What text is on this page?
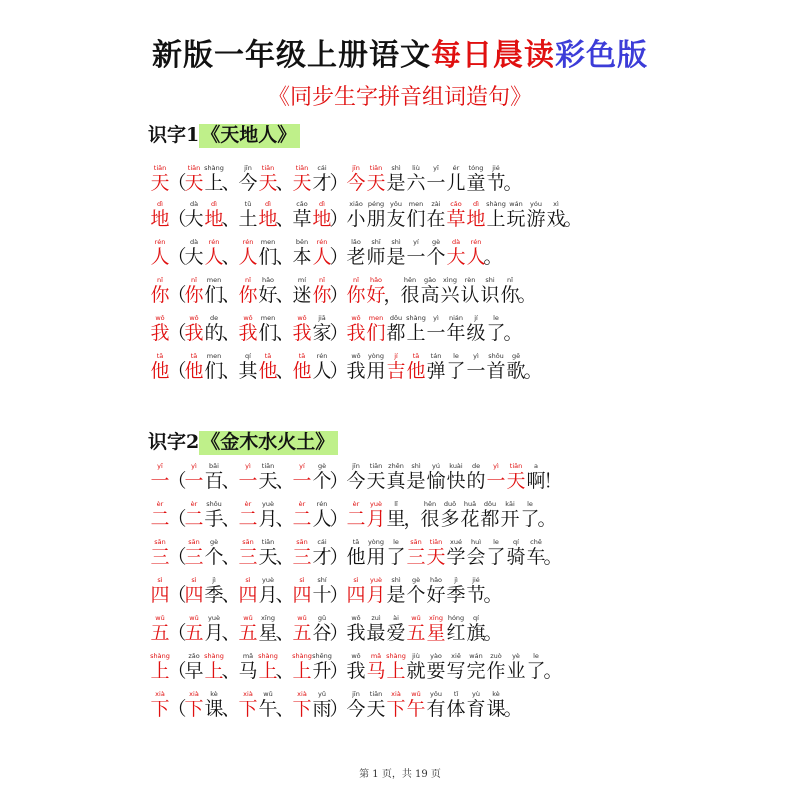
新版一年级上册语文每日晨读彩色版
《同步生字拼音组词造句》
识字1 《天地人》
识字2 《金木水火土》
tiān
天
（
tiān
天
shàng
上
、
jīn
今
tiān
天
、
tiān
天
cái
才
）
jīn
今
tiān
天
shì
是
liù
六
yī
一
ér
儿
tóng
童
jié
节
。
dì
地
（
dà
大
dì
地
、
tǔ
土
dì
地
、
cǎo
草
dì
地
）
xiǎo
小
péng
朋
yǒu
友
men
们
zài
在
cǎo
草
dì
地
shàng
上
wán
玩
yóu
游
xì
戏
。
rén
人
（
dà
大
rén
人
、
rén
人
men
们
、
běn
本
rén
人
）
lǎo
老
shī
师
shì
是
yí
一
gè
个
dà
大
rén
人
。
nǐ
你
（
nǐ
你
men
们
、
nǐ
你
hǎo
好
、
mí
迷
nǐ
你
）
nǐ
你
hǎo
好
，
hěn
很
gāo
高
xìng
兴
rèn
认
shi
识
nǐ
你
。
wǒ
我
（
wǒ
我
de
的
、
wǒ
我
men
们
、
wǒ
我
jiā
家
）
wǒ
我
men
们
dōu
都
shàng
上
yì
一
nián
年
jí
级
le
了
。
tā
他
（
tā
他
men
们
、
qí
其
tā
他
、
tā
他
rén
人
）
wǒ
我
yòng
用
jí
吉
tā
他
tán
弹
le
了
yì
一
shǒu
首
gē
歌
。
yī
一
（
yì
一
bǎi
百
、
yì
一
tiān
天
、
yí
一
gè
个
）
jīn
今
tiān
天
zhēn
真
shì
是
yú
愉
kuài
快
de
的
yì
一
tiān
天
a
啊
！
èr
二
（
èr
二
shǒu
手
、
èr
二
yuè
月
、
èr
二
rén
人
）
èr
二
yuè
月
lǐ
里
，
hěn
很
duō
多
huā
花
dōu
都
kāi
开
le
了
。
sān
三
（
sān
三
gè
个
、
sān
三
tiān
天
、
sān
三
cái
才
）
tā
他
yòng
用
le
了
sān
三
tiān
天
xué
学
huì
会
le
了
qí
骑
chē
车
。
sì
四
（
sì
四
jì
季
、
sì
四
yuè
月
、
sì
四
shí
十
）
sì
四
yuè
月
shì
是
gè
个
hǎo
好
jì
季
jié
节
。
wǔ
五
（
wǔ
五
yuè
月
、
wǔ
五
xīng
星
、
wǔ
五
gǔ
谷
）
wǒ
我
zuì
最
ài
爱
wǔ
五
xīng
星
hóng
红
qí
旗
。
shàng
上
（
zǎo
早
shàng
上
、
mǎ
马
shàng
上
、
shàng
上
shēng
升
）
wǒ
我
mǎ
马
shàng
上
jiù
就
yào
要
xiě
写
wán
完
zuò
作
yè
业
le
了
。
xià
下
（
xià
下
kè
课
、
xià
下
wǔ
午
、
xià
下
yǔ
雨
）
jīn
今
tiān
天
xià
下
wǔ
午
yǒu
有
tǐ
体
yù
育
kè
课
。
第 1 页，共 19 页
